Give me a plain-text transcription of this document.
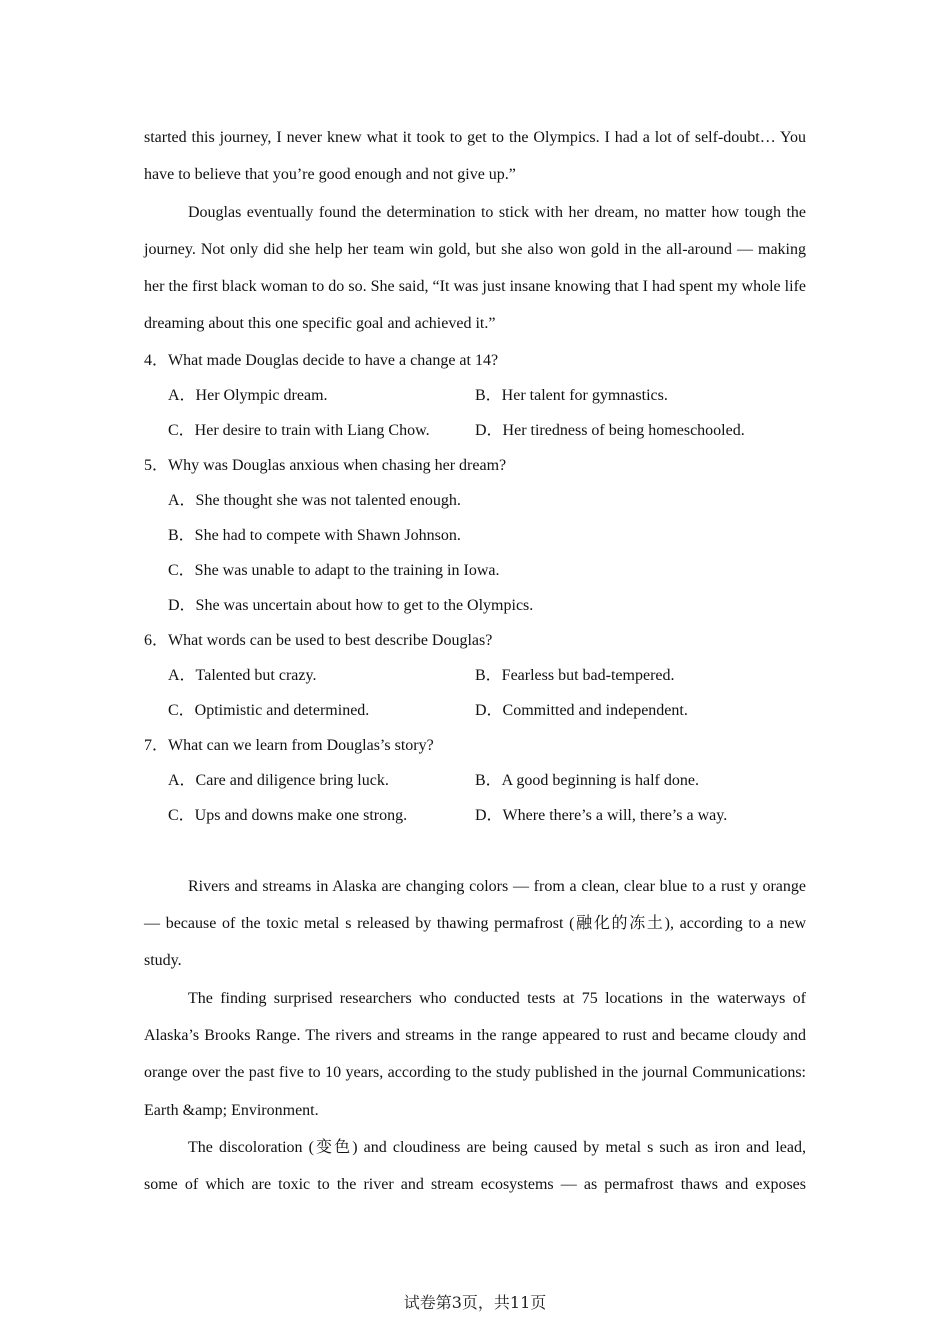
started this journey, I never knew what it took to get to the Olympics. I had a lot of self-doubt… You have to believe that you’re good enough and not give up.”

Douglas eventually found the determination to stick with her dream, no matter how tough the journey. Not only did she help her team win gold, but she also won gold in the all-around — making her the first black woman to do so. She said, “It was just insane knowing that I had spent my whole life dreaming about this one specific goal and achieved it.”

4．What made Douglas decide to have a change at 14?
A．Her Olympic dream.	B．Her talent for gymnastics.
C．Her desire to train with Liang Chow.	D．Her tiredness of being homeschooled.
5．Why was Douglas anxious when chasing her dream?
A．She thought she was not talented enough.
B．She had to compete with Shawn Johnson.
C．She was unable to adapt to the training in Iowa.
D．She was uncertain about how to get to the Olympics.
6．What words can be used to best describe Douglas?
A．Talented but crazy.	B．Fearless but bad-tempered.
C．Optimistic and determined.	D．Committed and independent.
7．What can we learn from Douglas’s story?
A．Care and diligence bring luck.	B．A good beginning is half done.
C．Ups and downs make one strong.	D．Where there’s a will, there’s a way.

Rivers and streams in Alaska are changing colors — from a clean, clear blue to a rust y orange — because of the toxic metal s released by thawing permafrost (融化的冻土), according to a new study.

The finding surprised researchers who conducted tests at 75 locations in the waterways of Alaska’s Brooks Range. The rivers and streams in the range appeared to rust and became cloudy and orange over the past five to 10 years, according to the study published in the journal Communications: Earth &amp; Environment.

The discoloration (变色) and cloudiness are being caused by metal s such as iron and lead, some of which are toxic to the river and stream ecosystems — as permafrost thaws and exposes

试卷第3页，共11页
